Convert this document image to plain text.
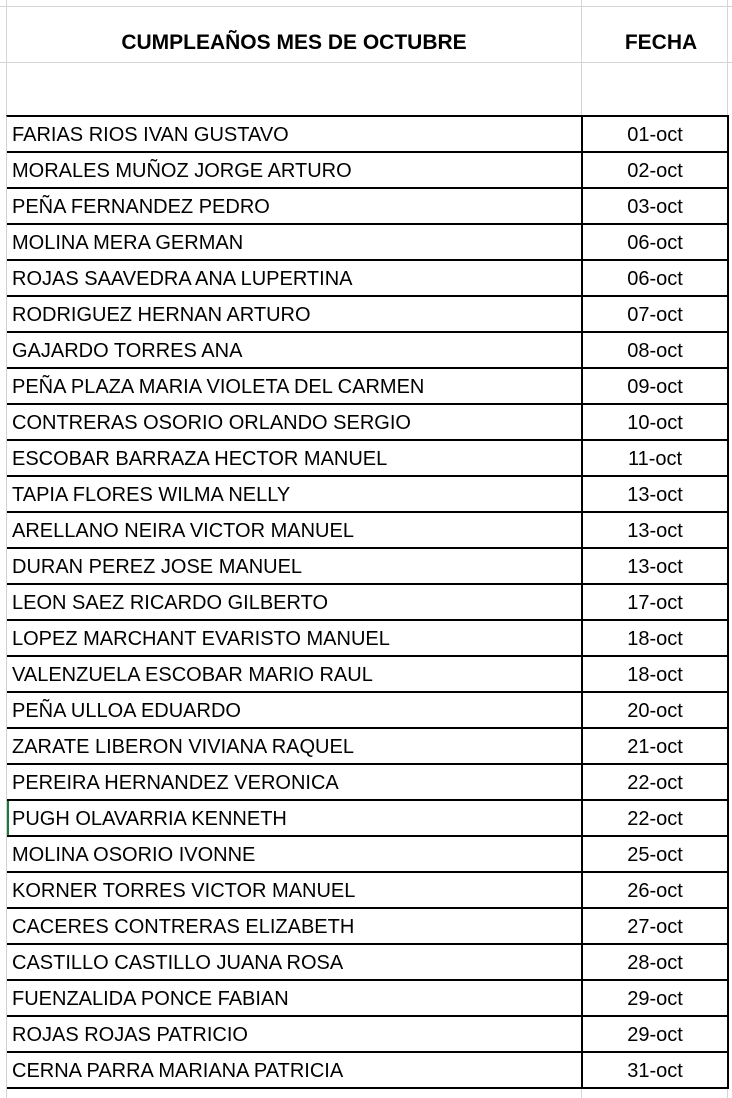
CUMPLEAÑOS MES DE OCTUBRE	FECHA
FARIAS RIOS IVAN GUSTAVO	01-oct
MORALES MUÑOZ JORGE ARTURO	02-oct
PEÑA FERNANDEZ PEDRO	03-oct
MOLINA MERA GERMAN	06-oct
ROJAS SAAVEDRA ANA LUPERTINA	06-oct
RODRIGUEZ HERNAN ARTURO	07-oct
GAJARDO TORRES ANA	08-oct
PEÑA PLAZA MARIA VIOLETA DEL CARMEN	09-oct
CONTRERAS OSORIO ORLANDO SERGIO	10-oct
ESCOBAR BARRAZA HECTOR MANUEL	11-oct
TAPIA FLORES WILMA NELLY	13-oct
ARELLANO NEIRA VICTOR MANUEL	13-oct
DURAN PEREZ JOSE MANUEL	13-oct
LEON SAEZ RICARDO GILBERTO	17-oct
LOPEZ MARCHANT EVARISTO MANUEL	18-oct
VALENZUELA ESCOBAR MARIO RAUL	18-oct
PEÑA ULLOA EDUARDO	20-oct
ZARATE LIBERON VIVIANA RAQUEL	21-oct
PEREIRA HERNANDEZ VERONICA	22-oct
PUGH OLAVARRIA KENNETH	22-oct
MOLINA OSORIO IVONNE	25-oct
KORNER TORRES VICTOR MANUEL	26-oct
CACERES CONTRERAS ELIZABETH	27-oct
CASTILLO CASTILLO JUANA ROSA	28-oct
FUENZALIDA PONCE FABIAN	29-oct
ROJAS ROJAS PATRICIO	29-oct
CERNA PARRA MARIANA PATRICIA	31-oct
